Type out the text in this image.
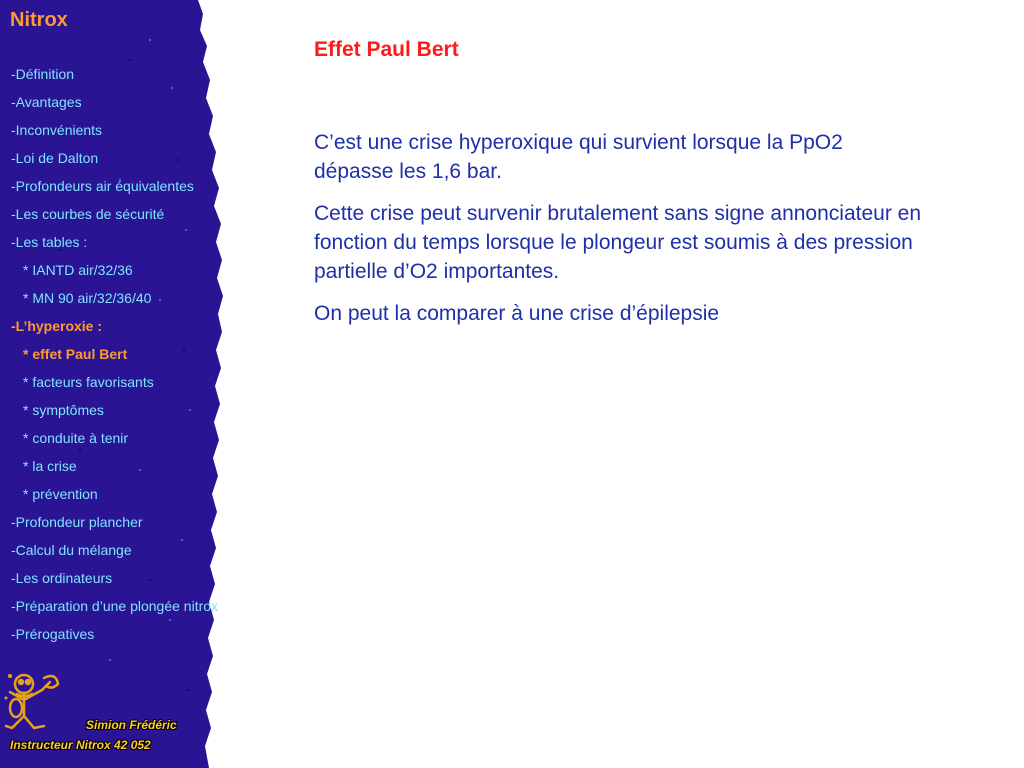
Nitrox
-Définition
-Avantages
-Inconvénients
-Loi de Dalton
-Profondeurs air équivalentes
-Les courbes de sécurité
-Les tables :
* IANTD air/32/36
* MN 90 air/32/36/40
-L’hyperoxie :
* effet Paul Bert
* facteurs favorisants
* symptômes
* conduite à tenir
* la crise
* prévention
-Profondeur plancher
-Calcul du mélange
-Les ordinateurs
-Préparation d’une plongée nitrox
-Prérogatives
Simion Frédéric
Instructeur Nitrox 42 052
Effet Paul Bert

C’est une crise hyperoxique qui survient lorsque la PpO2 dépasse les 1,6 bar.

Cette crise peut survenir brutalement sans signe annonciateur en fonction du temps lorsque le plongeur est soumis à des pression partielle d’O2 importantes.

On peut la comparer à une crise d’épilepsie
